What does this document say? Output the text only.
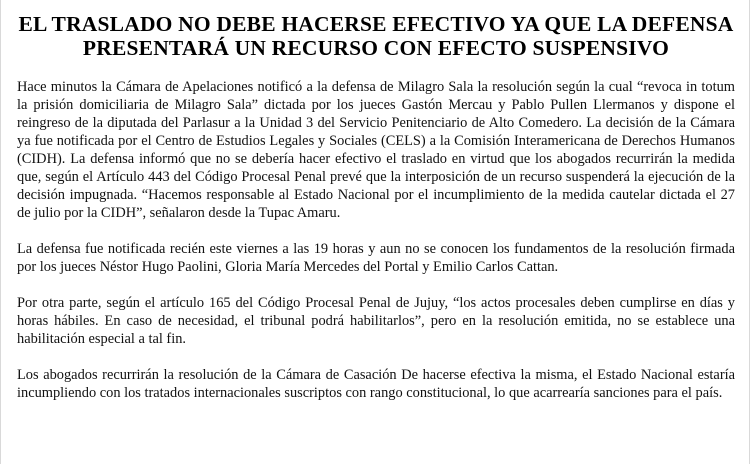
EL TRASLADO NO DEBE HACERSE EFECTIVO YA QUE LA DEFENSA PRESENTARÁ UN RECURSO CON EFECTO SUSPENSIVO

Hace minutos la Cámara de Apelaciones notificó a la defensa de Milagro Sala la resolución según la cual “revoca in totum la prisión domiciliaria de Milagro Sala” dictada por los jueces Gastón Mercau y Pablo Pullen Llermanos y dispone el reingreso de la diputada del Parlasur a la Unidad 3 del Servicio Penitenciario de Alto Comedero. La decisión de la Cámara ya fue notificada por el Centro de Estudios Legales y Sociales (CELS) a la Comisión Interamericana de Derechos Humanos (CIDH). La defensa informó que no se debería hacer efectivo el traslado en virtud que los abogados recurrirán la medida que, según el Artículo 443 del Código Procesal Penal prevé que la interposición de un recurso suspenderá la ejecución de la decisión impugnada. “Hacemos responsable al Estado Nacional por el incumplimiento de la medida cautelar dictada el 27 de julio por la CIDH”, señalaron desde la Tupac Amaru.

La defensa fue notificada recién este viernes a las 19 horas y aun no se conocen los fundamentos de la resolución firmada por los jueces Néstor Hugo Paolini, Gloria María Mercedes del Portal y Emilio Carlos Cattan.

Por otra parte, según el artículo 165 del Código Procesal Penal de Jujuy, “los actos procesales deben cumplirse en días y horas hábiles. En caso de necesidad, el tribunal podrá habilitarlos”, pero en la resolución emitida, no se establece una habilitación especial a tal fin.

Los abogados recurrirán la resolución de la Cámara de Casación De hacerse efectiva la misma, el Estado Nacional estaría incumpliendo con los tratados internacionales suscriptos con rango constitucional, lo que acarrearía sanciones para el país.
